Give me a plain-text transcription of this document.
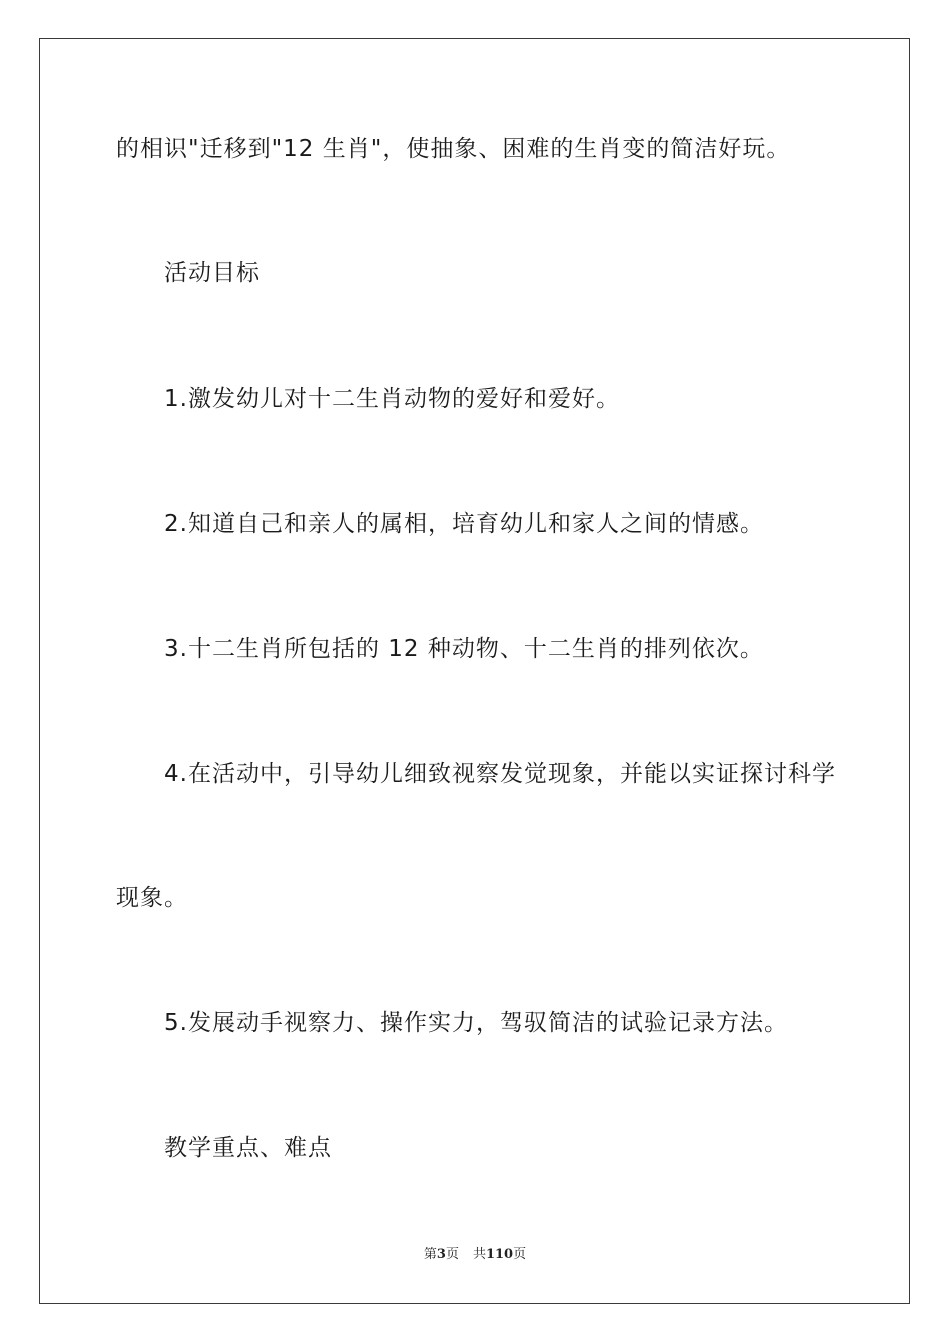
的相识"迁移到"12 生肖"，使抽象、困难的生肖变的简洁好玩。
活动目标
1.激发幼儿对十二生肖动物的爱好和爱好。
2.知道自己和亲人的属相，培育幼儿和家人之间的情感。
3.十二生肖所包括的 12 种动物、十二生肖的排列依次。
4.在活动中，引导幼儿细致视察发觉现象，并能以实证探讨科学
现象。
5.发展动手视察力、操作实力，驾驭简洁的试验记录方法。
教学重点、难点
第3页 共110页
